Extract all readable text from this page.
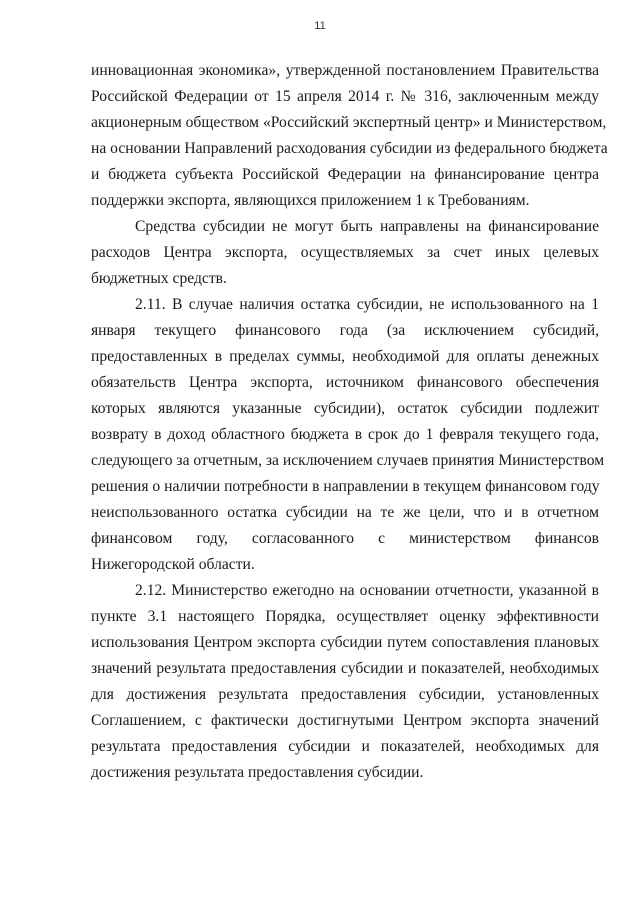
11

инновационная экономика», утвержденной постановлением Правительства
Российской Федерации от 15 апреля 2014 г. № 316, заключенным между
акционерным обществом «Российский экспертный центр» и Министерством,
на основании Направлений расходования субсидии из федерального бюджета
и бюджета субъекта Российской Федерации на финансирование центра
поддержки экспорта, являющихся приложением 1 к Требованиям.

Средства субсидии не могут быть направлены на финансирование
расходов Центра экспорта, осуществляемых за счет иных целевых
бюджетных средств.

2.11. В случае наличия остатка субсидии, не использованного на 1
января текущего финансового года (за исключением субсидий,
предоставленных в пределах суммы, необходимой для оплаты денежных
обязательств Центра экспорта, источником финансового обеспечения
которых являются указанные субсидии), остаток субсидии подлежит
возврату в доход областного бюджета в срок до 1 февраля текущего года,
следующего за отчетным, за исключением случаев принятия Министерством
решения о наличии потребности в направлении в текущем финансовом году
неиспользованного остатка субсидии на те же цели, что и в отчетном
финансовом году, согласованного с министерством финансов
Нижегородской области.

2.12. Министерство ежегодно на основании отчетности, указанной в
пункте 3.1 настоящего Порядка, осуществляет оценку эффективности
использования Центром экспорта субсидии путем сопоставления плановых
значений результата предоставления субсидии и показателей, необходимых
для достижения результата предоставления субсидии, установленных
Соглашением, с фактически достигнутыми Центром экспорта значений
результата предоставления субсидии и показателей, необходимых для
достижения результата предоставления субсидии.
